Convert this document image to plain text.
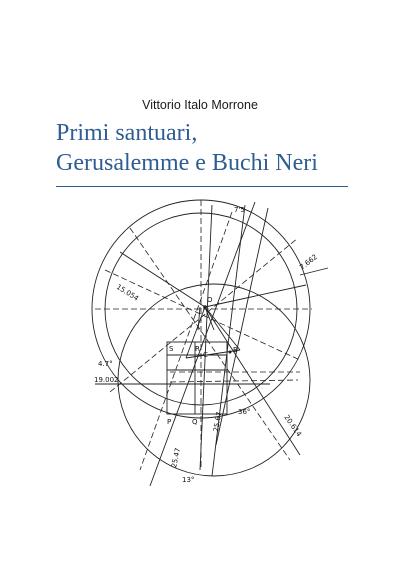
Vittorio Italo Morrone
Primi santuari,
Gerusalemme e Buchi Neri
7'5
7.662
15.054
4.7°
19.002
20.614
36°
25.67
25.47
13°
O
B
S	R
C
P	Q
